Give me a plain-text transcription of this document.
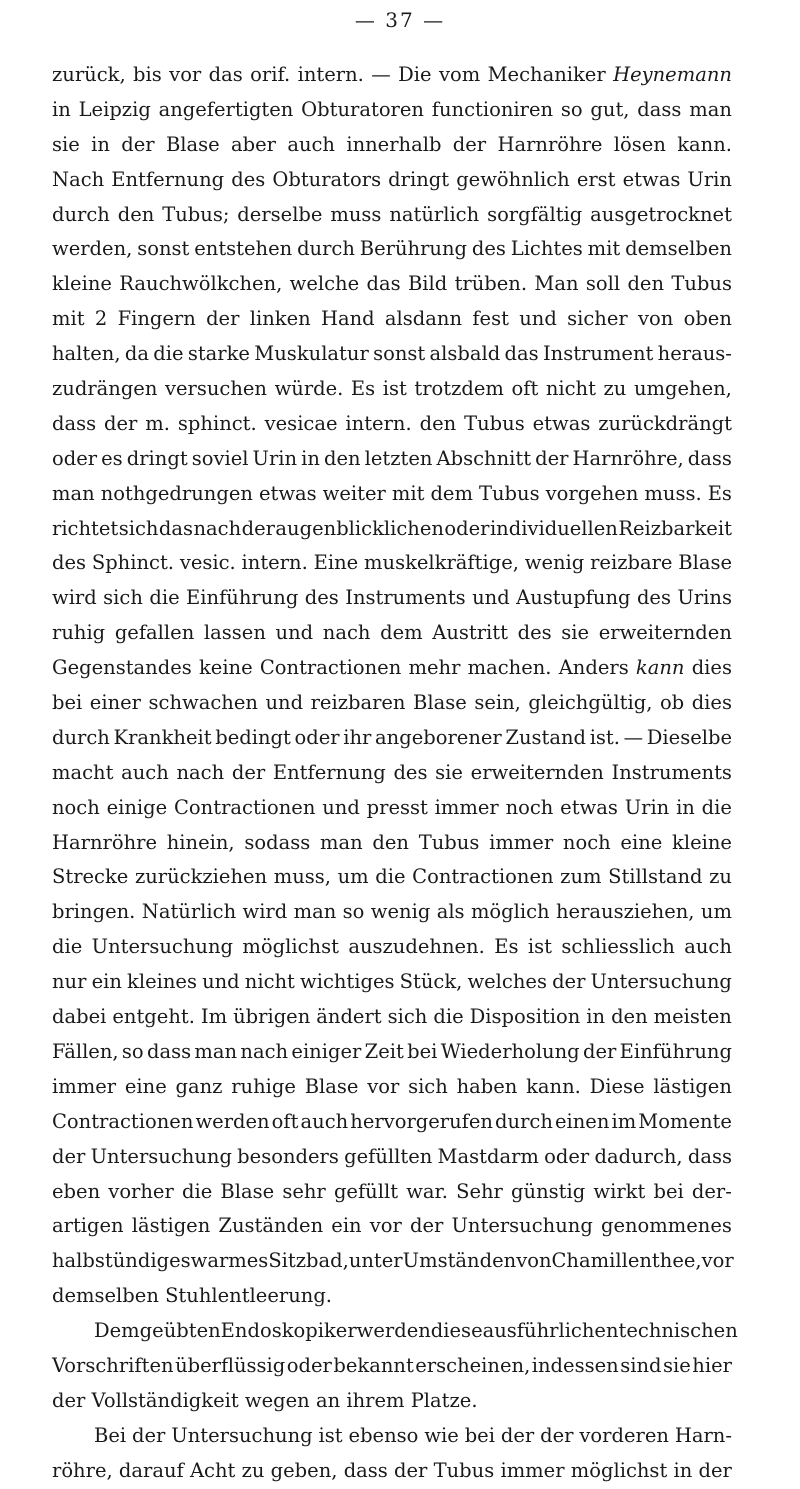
— 37 —
zurück, bis vor das orif. intern. — Die vom Mechaniker Heynemann
in Leipzig angefertigten Obturatoren functioniren so gut, dass man
sie in der Blase aber auch innerhalb der Harnröhre lösen kann.
Nach Entfernung des Obturators dringt gewöhnlich erst etwas Urin
durch den Tubus; derselbe muss natürlich sorgfältig ausgetrocknet
werden, sonst entstehen durch Berührung des Lichtes mit demselben
kleine Rauchwölkchen, welche das Bild trüben. Man soll den Tubus
mit 2 Fingern der linken Hand alsdann fest und sicher von oben
halten, da die starke Muskulatur sonst alsbald das Instrument heraus-
zudrängen versuchen würde. Es ist trotzdem oft nicht zu umgehen,
dass der m. sphinct. vesicae intern. den Tubus etwas zurückdrängt
oder es dringt soviel Urin in den letzten Abschnitt der Harnröhre, dass
man nothgedrungen etwas weiter mit dem Tubus vorgehen muss. Es
richtet sich das nach der augenblicklichen oder individuellen Reizbarkeit
des Sphinct. vesic. intern. Eine muskelkräftige, wenig reizbare Blase
wird sich die Einführung des Instruments und Austupfung des Urins
ruhig gefallen lassen und nach dem Austritt des sie erweiternden
Gegenstandes keine Contractionen mehr machen. Anders kann dies
bei einer schwachen und reizbaren Blase sein, gleichgültig, ob dies
durch Krankheit bedingt oder ihr angeborener Zustand ist. — Dieselbe
macht auch nach der Entfernung des sie erweiternden Instruments
noch einige Contractionen und presst immer noch etwas Urin in die
Harnröhre hinein, sodass man den Tubus immer noch eine kleine
Strecke zurückziehen muss, um die Contractionen zum Stillstand zu
bringen. Natürlich wird man so wenig als möglich herausziehen, um
die Untersuchung möglichst auszudehnen. Es ist schliesslich auch
nur ein kleines und nicht wichtiges Stück, welches der Untersuchung
dabei entgeht. Im übrigen ändert sich die Disposition in den meisten
Fällen, so dass man nach einiger Zeit bei Wiederholung der Einführung
immer eine ganz ruhige Blase vor sich haben kann. Diese lästigen
Contractionen werden oft auch hervorgerufen durch einen im Momente
der Untersuchung besonders gefüllten Mastdarm oder dadurch, dass
eben vorher die Blase sehr gefüllt war. Sehr günstig wirkt bei der-
artigen lästigen Zuständen ein vor der Untersuchung genommenes
halbstündiges warmes Sitzbad, unter Umständen von Chamillenthee, vor
demselben Stuhlentleerung.
Dem geübten Endoskopiker werden diese ausführlichen technischen
Vorschriften überflüssig oder bekannt erscheinen, indessen sind sie hier
der Vollständigkeit wegen an ihrem Platze.
Bei der Untersuchung ist ebenso wie bei der der vorderen Harn-
röhre, darauf Acht zu geben, dass der Tubus immer möglichst in der
